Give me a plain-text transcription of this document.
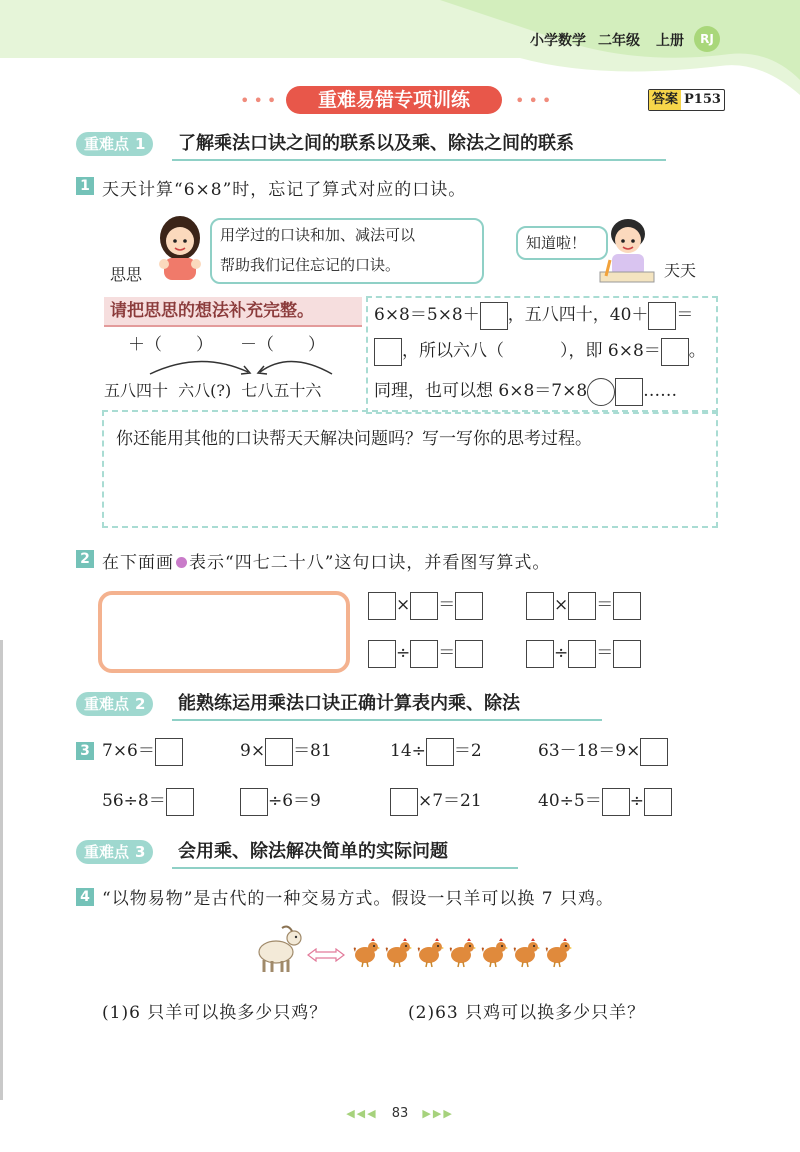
小学数学 二年级 上册	RJ
•••	重难易错专项训练	•••	答案 P153
重难点 1	了解乘法口诀之间的联系以及乘、除法之间的联系
1 天天计算“6×8”时，忘记了算式对应的口诀。
思思
用学过的口诀和加、减法可以
帮助我们记住忘记的口诀。
知道啦！
天天
请把思思的想法补充完整。
＋（　　） －（　　）
五八四十  六八(?)  七八五十六
6×8＝5×8＋ ，五八四十，40＋ ＝
，所以六八（	），即 6×8＝ 。
同理，也可以想 6×8＝7×8	……
你还能用其他的口诀帮天天解决问题吗？写一写你的思考过程。
2 在下面画 表示“四七二十八”这句口诀，并看图写算式。
× ＝	× ＝
÷ ＝	÷ ＝
重难点 2	能熟练运用乘法口诀正确计算表内乘、除法
3 7×6＝	9× ＝81	14÷ ＝2	63－18＝9×
56÷8＝	÷6＝9	×7＝21	40÷5＝ ÷
重难点 3	会用乘、除法解决简单的实际问题
4 “以物易物”是古代的一种交易方式。假设一只羊可以换 7 只鸡。
(1)6 只羊可以换多少只鸡？	(2)63 只鸡可以换多少只羊？
◀◀◀ 83 ▶▶▶
